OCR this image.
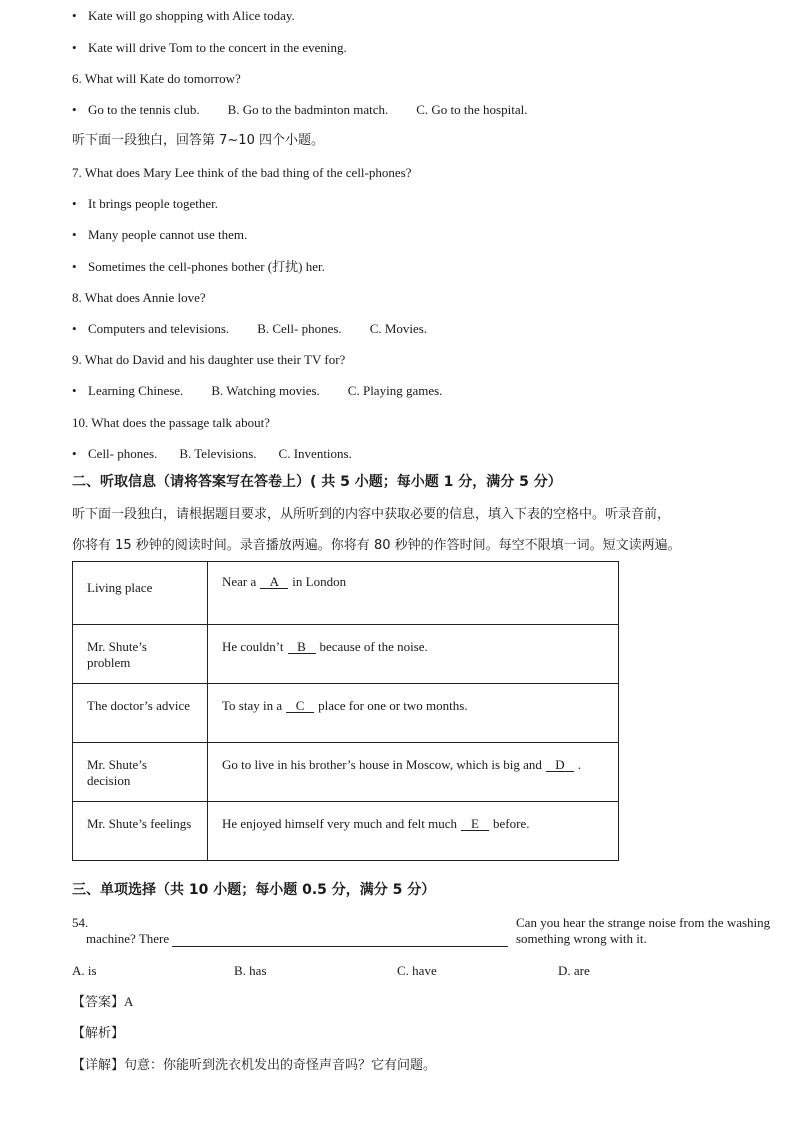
• Kate will go shopping with Alice today.
• Kate will drive Tom to the concert in the evening.
6. What will Kate do tomorrow?
• Go to the tennis club. B. Go to the badminton match. C. Go to the hospital.
听下面一段独白，回答第 7~10 四个小题。
7. What does Mary Lee think of the bad thing of the cell-phones?
• It brings people together.
• Many people cannot use them.
• Sometimes the cell-phones bother (打扰) her.
8. What does Annie love?
• Computers and televisions. B. Cell- phones. C. Movies.
9. What do David and his daughter use their TV for?
• Learning Chinese. B. Watching movies. C. Playing games.
10. What does the passage talk about?
• Cell- phones. B. Televisions. C. Inventions.
二、听取信息（请将答案写在答卷上）( 共 5 小题；每小题 1 分，满分 5 分）
听下面一段独白，请根据题目要求，从所听到的内容中获取必要的信息，填入下表的空格中。听录音前，
你将有 15 秒钟的阅读时间。录音播放两遍。你将有 80 秒钟的作答时间。每空不限填一词。短文读两遍。
Living place	Near a A in London
Mr. Shute’s problem	He couldn’t B because of the noise.
The doctor’s advice	To stay in a C place for one or two months.
Mr. Shute’s decision	Go to live in his brother’s house in Moscow, which is big and D .
Mr. Shute’s feelings	He enjoyed himself very much and felt much E before.
三、单项选择（共 10 小题；每小题 0.5 分，满分 5 分）
54.	Can you hear the strange noise from the washing
machine? There	something wrong with it.
A. is	B. has	C. have	D. are
【答案】A
【解析】
【详解】句意：你能听到洗衣机发出的奇怪声音吗？它有问题。
